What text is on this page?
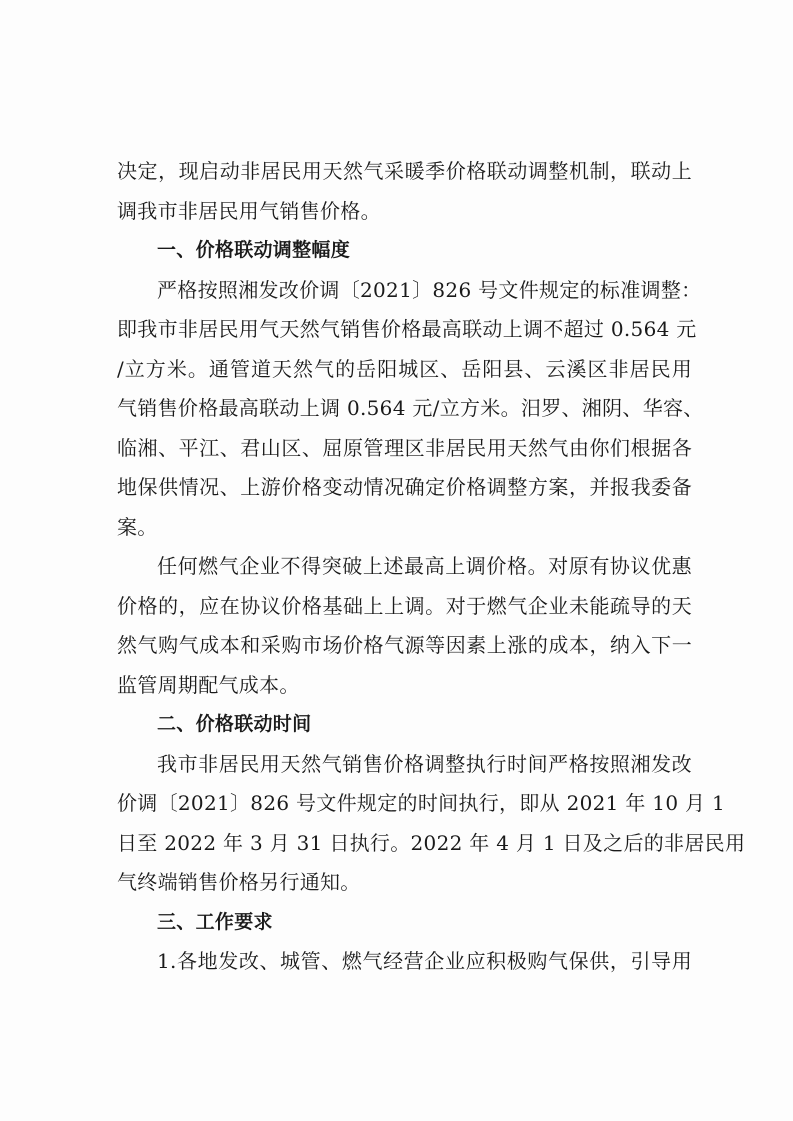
决定，现启动非居民用天然气采暖季价格联动调整机制，联动上
调我市非居民用气销售价格。
一、价格联动调整幅度
严格按照湘发改价调〔2021〕826 号文件规定的标准调整：
即我市非居民用气天然气销售价格最高联动上调不超过 0.564 元
/立方米。通管道天然气的岳阳城区、岳阳县、云溪区非居民用
气销售价格最高联动上调 0.564 元/立方米。汨罗、湘阴、华容、
临湘、平江、君山区、屈原管理区非居民用天然气由你们根据各
地保供情况、上游价格变动情况确定价格调整方案，并报我委备
案。
任何燃气企业不得突破上述最高上调价格。对原有协议优惠
价格的，应在协议价格基础上上调。对于燃气企业未能疏导的天
然气购气成本和采购市场价格气源等因素上涨的成本，纳入下一
监管周期配气成本。
二、价格联动时间
我市非居民用天然气销售价格调整执行时间严格按照湘发改
价调〔2021〕826 号文件规定的时间执行，即从 2021 年 10 月 1
日至 2022 年 3 月 31 日执行。2022 年 4 月 1 日及之后的非居民用
气终端销售价格另行通知。
三、工作要求
1.各地发改、城管、燃气经营企业应积极购气保供，引导用
